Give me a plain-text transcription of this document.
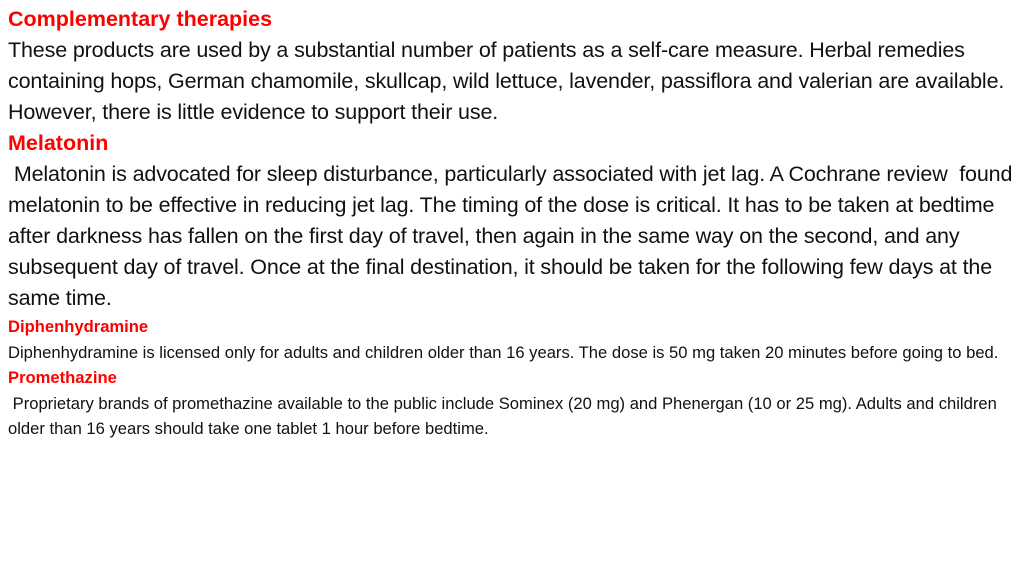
Complementary therapies

These products are used by a substantial number of patients as a self-care measure. Herbal remedies containing hops, German chamomile, skullcap, wild lettuce, lavender, passiflora and valerian are available. However, there is little evidence to support their use.

Melatonin

Melatonin is advocated for sleep disturbance, particularly associated with jet lag. A Cochrane review  found melatonin to be effective in reducing jet lag. The timing of the dose is critical. It has to be taken at bedtime after darkness has fallen on the first day of travel, then again in the same way on the second, and any subsequent day of travel. Once at the final destination, it should be taken for the following few days at the same time.

Diphenhydramine

Diphenhydramine is licensed only for adults and children older than 16 years. The dose is 50 mg taken 20 minutes before going to bed.

Promethazine

Proprietary brands of promethazine available to the public include Sominex (20 mg) and Phenergan (10 or 25 mg). Adults and children older than 16 years should take one tablet 1 hour before bedtime.
